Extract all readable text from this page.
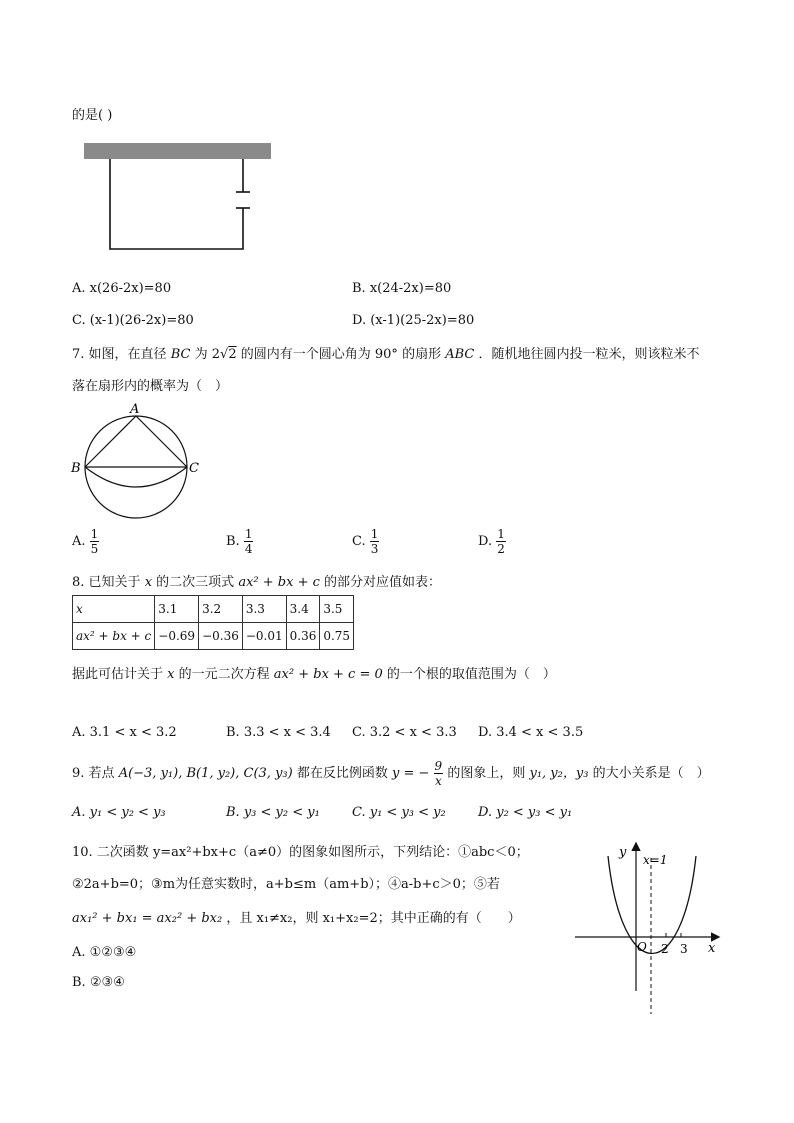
的是( )
A. x(26-2x)=80	B. x(24-2x)=80
C. (x-1)(26-2x)=80	D. (x-1)(25-2x)=80
7. 如图，在直径 BC 为 2√2 的圆内有一个圆心角为 90° 的扇形 ABC ．随机地往圆内投一粒米，则该粒米不
落在扇形内的概率为（　）
A
B	C
A. $\frac{1}{5}$	B. $\frac{1}{4}$	C. $\frac{1}{3}$	D. $\frac{1}{2}$
8. 已知关于 x 的二次三项式 ax² + bx + c 的部分对应值如表：
x	3.1	3.2	3.3	3.4	3.5
ax² + bx + c	−0.69	−0.36	−0.01	0.36	0.75
据此可估计关于 x 的一元二次方程 ax² + bx + c = 0 的一个根的取值范围为（　）
A. 3.1 < x < 3.2	B. 3.3 < x < 3.4 C. 3.2 < x < 3.3 D. 3.4 < x < 3.5
9. 若点 A(−3, y₁), B(1, y₂), C(3, y₃) 都在反比例函数 y = − $\frac{9}{x}$ 的图象上，则 y₁, y₂，y₃ 的大小关系是（　）
A. y₁ < y₂ < y₃	B. y₃ < y₂ < y₁ C. y₁ < y₃ < y₂ D. y₂ < y₃ < y₁
10. 二次函数 y=ax²+bx+c（a≠0）的图象如图所示，下列结论：①abc＜0；
②2a+b=0；③m为任意实数时，a+b≤m（am+b）；④a-b+c＞0；⑤若
ax₁² + bx₁ = ax₂² + bx₂ ，且 x₁≠x₂，则 x₁+x₂=2；其中正确的有（　　）
A. ①②③④
B. ②③④
y
x
x=1
O 2 3
